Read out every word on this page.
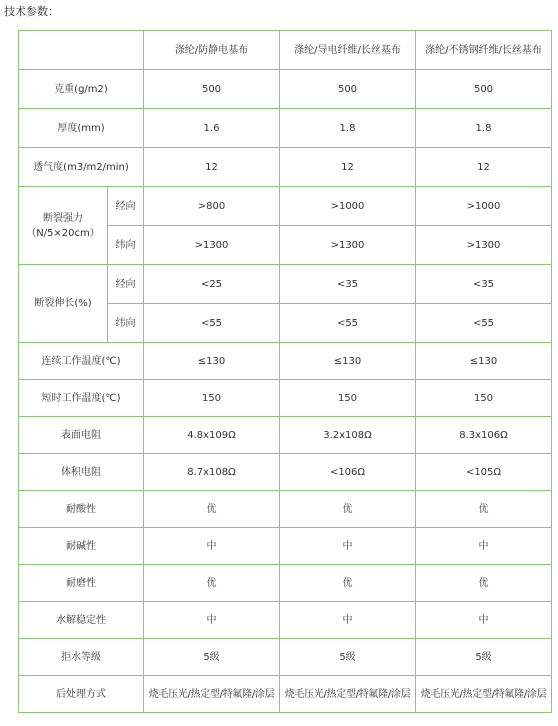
技术参数：
		涤纶/防静电基布	涤纶/导电纤维/长丝基布	涤纶/不锈钢纤维/长丝基布
克重(g/m2)		500	500	500
厚度(mm)		1.6	1.8	1.8
透气度(m3/m2/min)		12	12	12

断裂强力
（N/5×20cm）	经向	>800	>1000	>1000
	纬向	>1300	>1300	>1300
断裂伸长(%)	经向	<25	<35	<35
	纬向	<55	<55	<55
连续工作温度(℃)		≤130	≤130	≤130
短时工作温度(℃)		150	150	150
表面电阻		4.8x109Ω	3.2x108Ω	8.3x106Ω
体积电阻		8.7x108Ω	<106Ω	<105Ω
耐酸性		优	优	优
耐碱性		中	中	中
耐磨性		优	优	优
水解稳定性		中	中	中
拒水等级		5级	5级	5级
后处理方式		烧毛压光/热定型/特氟隆/涂层	烧毛压光/热定型/特氟隆/涂层	烧毛压光/热定型/特氟隆/涂层
